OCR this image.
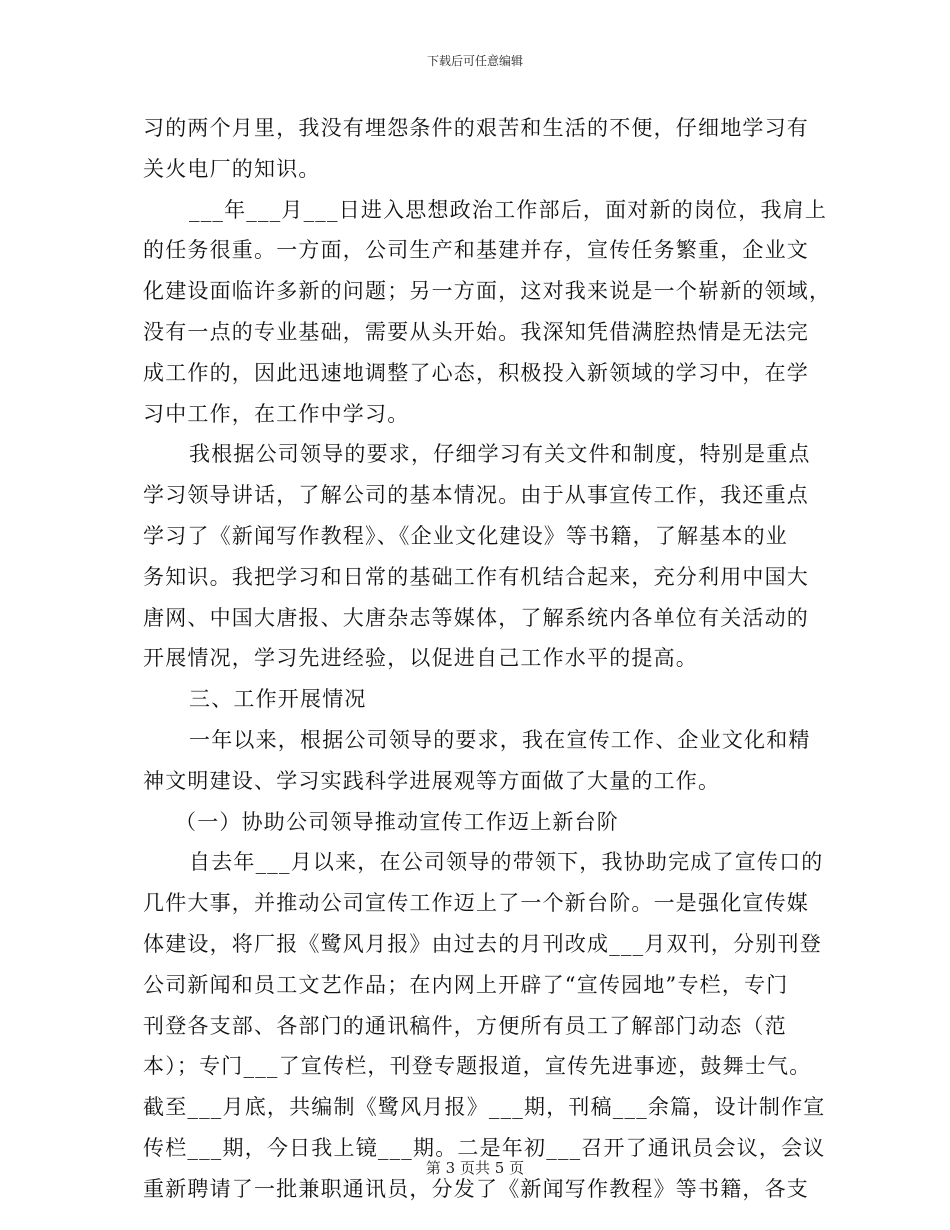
下载后可任意编辑
习的两个月里，我没有埋怨条件的艰苦和生活的不便，仔细地学习有
关火电厂的知识。
___年___月___日进入思想政治工作部后，面对新的岗位，我肩上
的任务很重。一方面，公司生产和基建并存，宣传任务繁重，企业文
化建设面临许多新的问题；另一方面，这对我来说是一个崭新的领域，
没有一点的专业基础，需要从头开始。我深知凭借满腔热情是无法完
成工作的，因此迅速地调整了心态，积极投入新领域的学习中，在学
习中工作，在工作中学习。
我根据公司领导的要求，仔细学习有关文件和制度，特别是重点
学习领导讲话，了解公司的基本情况。由于从事宣传工作，我还重点
学习了《新闻写作教程》、《企业文化建设》等书籍，了解基本的业
务知识。我把学习和日常的基础工作有机结合起来，充分利用中国大
唐网、中国大唐报、大唐杂志等媒体，了解系统内各单位有关活动的
开展情况，学习先进经验，以促进自己工作水平的提高。
三、工作开展情况
一年以来，根据公司领导的要求，我在宣传工作、企业文化和精
神文明建设、学习实践科学进展观等方面做了大量的工作。
（一）协助公司领导推动宣传工作迈上新台阶
自去年___月以来，在公司领导的带领下，我协助完成了宣传口的
几件大事，并推动公司宣传工作迈上了一个新台阶。一是强化宣传媒
体建设，将厂报《鹭风月报》由过去的月刊改成___月双刊，分别刊登
公司新闻和员工文艺作品；在内网上开辟了“宣传园地”专栏，专门
刊登各支部、各部门的通讯稿件，方便所有员工了解部门动态（范
本）；专门___了宣传栏，刊登专题报道，宣传先进事迹，鼓舞士气。
截至___月底，共编制《鹭风月报》___期，刊稿___余篇，设计制作宣
传栏___期，今日我上镜___期。二是年初___召开了通讯员会议，会议
重新聘请了一批兼职通讯员，分发了《新闻写作教程》等书籍，各支
第 3 页共 5 页
